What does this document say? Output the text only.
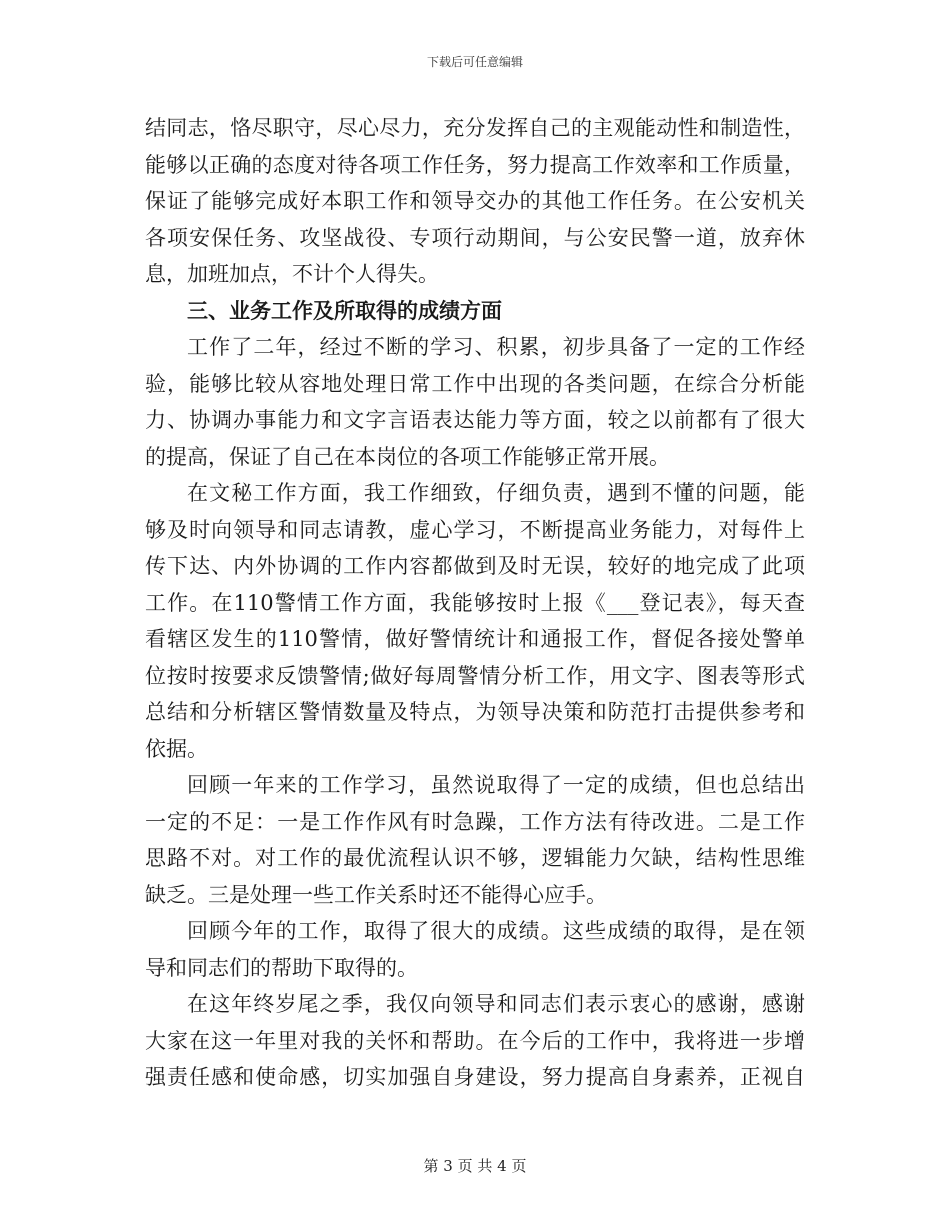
下载后可任意编辑
结同志，恪尽职守，尽心尽力，充分发挥自己的主观能动性和制造性，
能够以正确的态度对待各项工作任务，努力提高工作效率和工作质量，
保证了能够完成好本职工作和领导交办的其他工作任务。在公安机关
各项安保任务、攻坚战役、专项行动期间，与公安民警一道，放弃休
息，加班加点，不计个人得失。
三、业务工作及所取得的成绩方面
工作了二年，经过不断的学习、积累，初步具备了一定的工作经
验，能够比较从容地处理日常工作中出现的各类问题，在综合分析能
力、协调办事能力和文字言语表达能力等方面，较之以前都有了很大
的提高，保证了自己在本岗位的各项工作能够正常开展。
在文秘工作方面，我工作细致，仔细负责，遇到不懂的问题，能
够及时向领导和同志请教，虚心学习，不断提高业务能力，对每件上
传下达、内外协调的工作内容都做到及时无误，较好的地完成了此项
工作。在110警情工作方面，我能够按时上报《___登记表》，每天查
看辖区发生的110警情，做好警情统计和通报工作，督促各接处警单
位按时按要求反馈警情;做好每周警情分析工作，用文字、图表等形式
总结和分析辖区警情数量及特点，为领导决策和防范打击提供参考和
依据。
回顾一年来的工作学习，虽然说取得了一定的成绩，但也总结出
一定的不足：一是工作作风有时急躁，工作方法有待改进。二是工作
思路不对。对工作的最优流程认识不够，逻辑能力欠缺，结构性思维
缺乏。三是处理一些工作关系时还不能得心应手。
回顾今年的工作，取得了很大的成绩。这些成绩的取得，是在领
导和同志们的帮助下取得的。
在这年终岁尾之季，我仅向领导和同志们表示衷心的感谢，感谢
大家在这一年里对我的关怀和帮助。在今后的工作中，我将进一步增
强责任感和使命感，切实加强自身建设，努力提高自身素养，正视自
第 3 页 共 4 页
